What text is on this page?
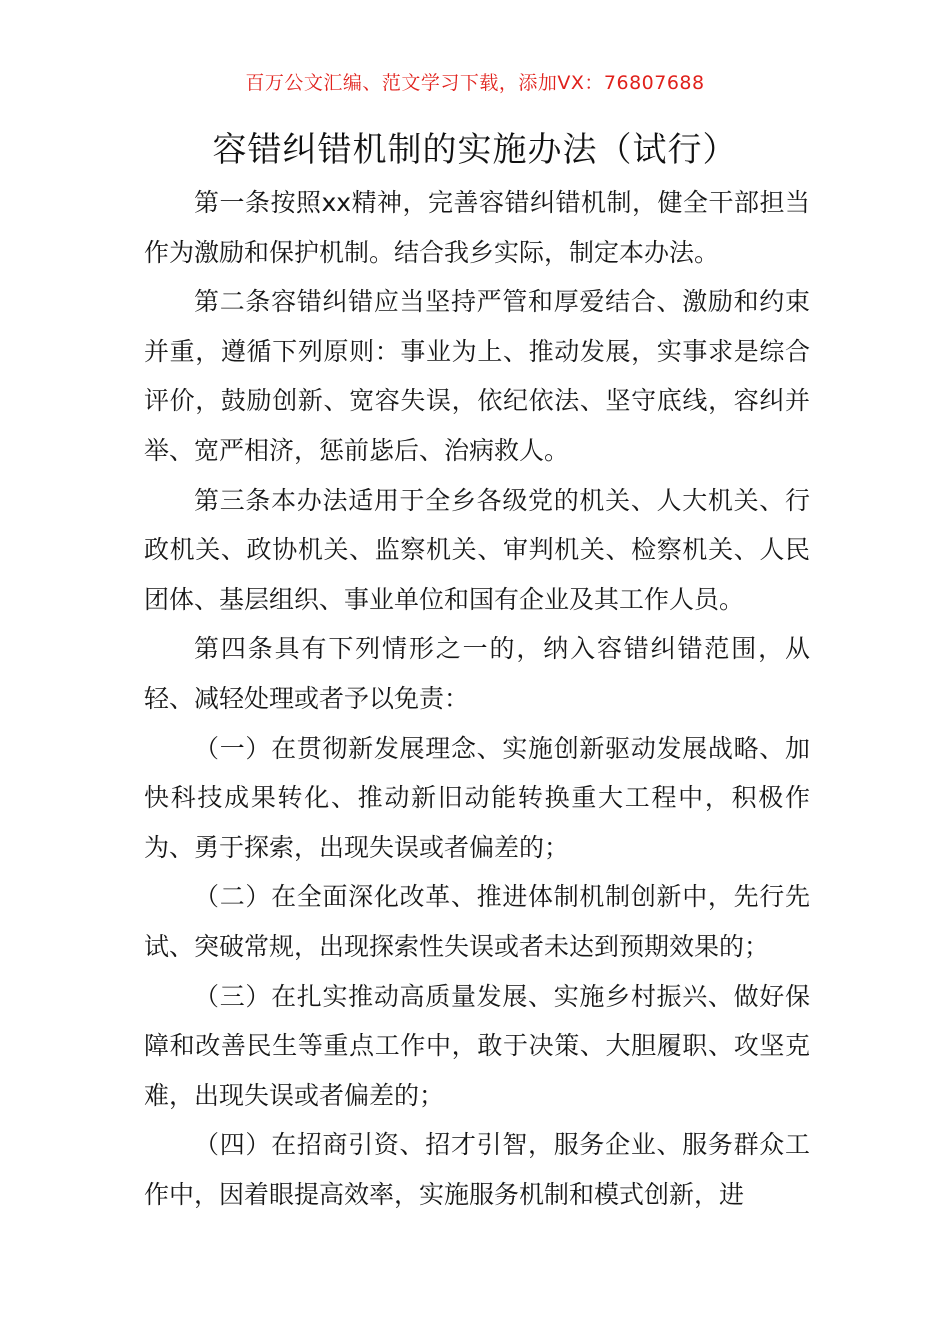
百万公文汇编、范文学习下载，添加VX：76807688
容错纠错机制的实施办法（试行）

第一条按照xx精神，完善容错纠错机制，健全干部担当作为激励和保护机制。结合我乡实际，制定本办法。

第二条容错纠错应当坚持严管和厚爱结合、激励和约束并重，遵循下列原则：事业为上、推动发展，实事求是综合评价，鼓励创新、宽容失误，依纪依法、坚守底线，容纠并举、宽严相济，惩前毖后、治病救人。

第三条本办法适用于全乡各级党的机关、人大机关、行政机关、政协机关、监察机关、审判机关、检察机关、人民团体、基层组织、事业单位和国有企业及其工作人员。

第四条具有下列情形之一的，纳入容错纠错范围，从轻、减轻处理或者予以免责：

（一）在贯彻新发展理念、实施创新驱动发展战略、加快科技成果转化、推动新旧动能转换重大工程中，积极作为、勇于探索，出现失误或者偏差的；

（二）在全面深化改革、推进体制机制创新中，先行先试、突破常规，出现探索性失误或者未达到预期效果的；

（三）在扎实推动高质量发展、实施乡村振兴、做好保障和改善民生等重点工作中，敢于决策、大胆履职、攻坚克难，出现失误或者偏差的；

（四）在招商引资、招才引智，服务企业、服务群众工作中，因着眼提高效率，实施服务机制和模式创新，进
